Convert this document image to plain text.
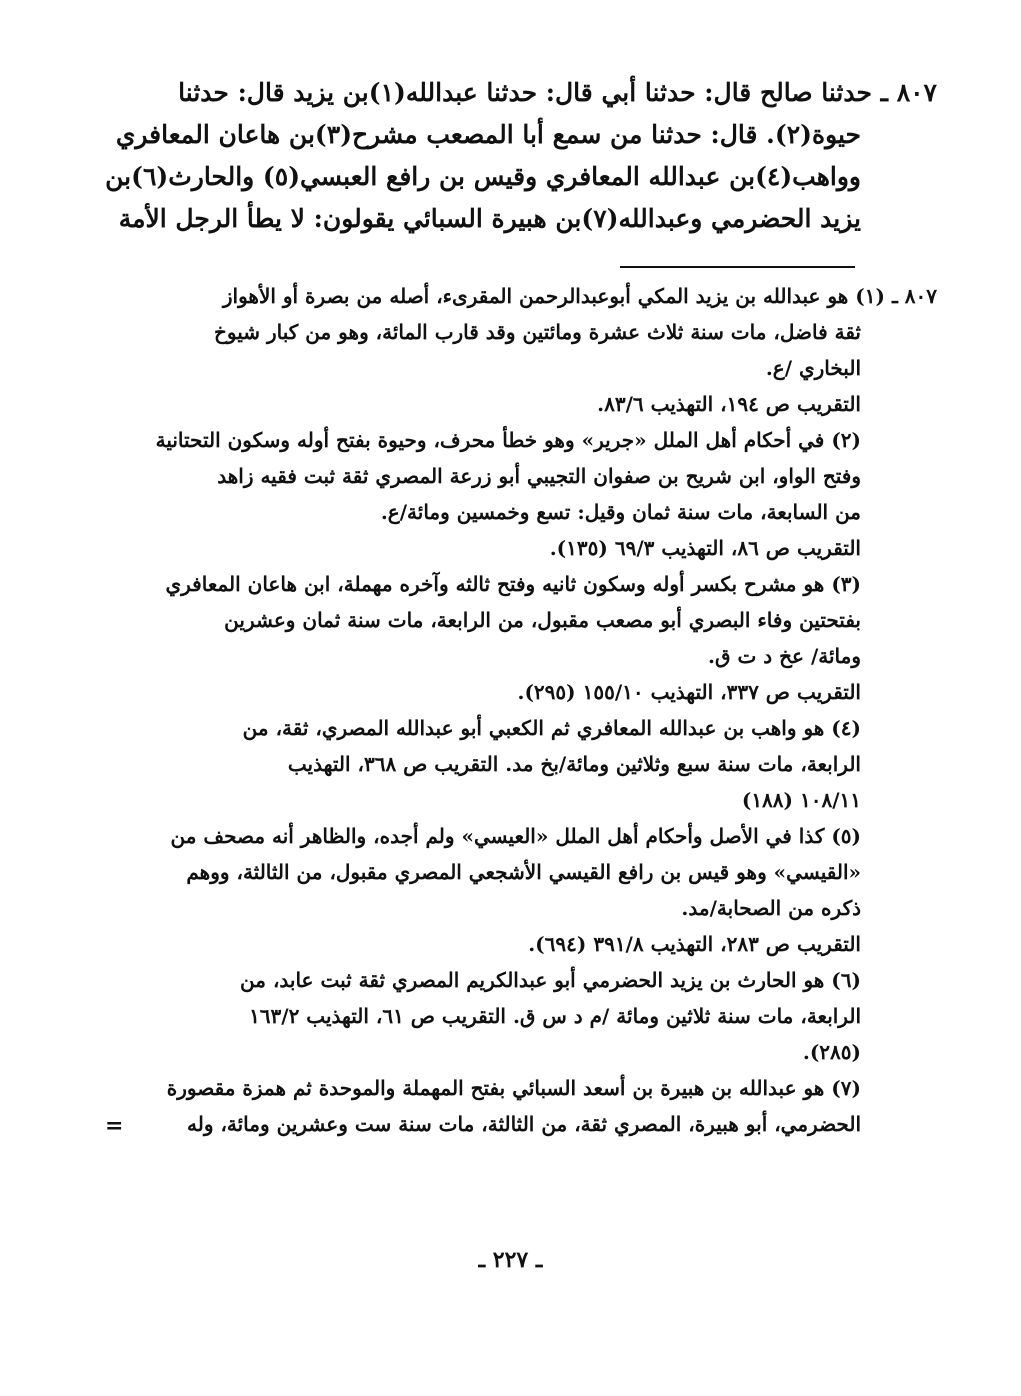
٨٠٧ ـ حدثنا صالح قال: حدثنا أبي قال: حدثنا عبدالله(١)بن يزيد قال: حدثنا
حيوة(٢). قال: حدثنا من سمع أبا المصعب مشرح(٣)بن هاعان المعافري
وواهب(٤)بن عبدالله المعافري وقيس بن رافع العبسي(٥) والحارث(٦)بن
يزيد الحضرمي وعبدالله(٧)بن هبيرة السبائي يقولون: لا يطأ الرجل الأمة
٨٠٧ ـ (١) هو عبدالله بن يزيد المكي أبوعبدالرحمن المقرىء، أصله من بصرة أو الأهواز
ثقة فاضل، مات سنة ثلاث عشرة ومائتين وقد قارب المائة، وهو من كبار شيوخ
البخاري /ع.
التقريب ص ١٩٤، التهذيب ٨٣/٦.
(٢) في أحكام أهل الملل «جرير» وهو خطأ محرف، وحيوة بفتح أوله وسكون التحتانية
وفتح الواو، ابن شريح بن صفوان التجيبي أبو زرعة المصري ثقة ثبت فقيه زاهد
من السابعة، مات سنة ثمان وقيل: تسع وخمسين ومائة/ع.
التقريب ص ٨٦، التهذيب ٦٩/٣ (١٣٥).
(٣) هو مشرح بكسر أوله وسكون ثانيه وفتح ثالثه وآخره مهملة، ابن هاعان المعافري
بفتحتين وفاء البصري أبو مصعب مقبول، من الرابعة، مات سنة ثمان وعشرين
ومائة/ عخ د ت ق.
التقريب ص ٣٣٧، التهذيب ١٥٥/١٠ (٢٩٥).
(٤) هو واهب بن عبدالله المعافري ثم الكعبي أبو عبدالله المصري، ثقة، من
الرابعة، مات سنة سبع وثلاثين ومائة/بخ مد. التقريب ص ٣٦٨، التهذيب
١٠٨/١١ (١٨٨)
(٥) كذا في الأصل وأحكام أهل الملل «العيسي» ولم أجده، والظاهر أنه مصحف من
«القيسي» وهو قيس بن رافع القيسي الأشجعي المصري مقبول، من الثالثة، ووهم
ذكره من الصحابة/مد.
التقريب ص ٢٨٣، التهذيب ٣٩١/٨ (٦٩٤).
(٦) هو الحارث بن يزيد الحضرمي أبو عبدالكريم المصري ثقة ثبت عابد، من
الرابعة، مات سنة ثلاثين ومائة /م د س ق. التقريب ص ٦١، التهذيب ١٦٣/٢
(٢٨٥).
(٧) هو عبدالله بن هبيرة بن أسعد السبائي بفتح المهملة والموحدة ثم همزة مقصورة
الحضرمي، أبو هبيرة، المصري ثقة، من الثالثة، مات سنة ست وعشرين ومائة، وله
=
ـ ٢٢٧ ـ
